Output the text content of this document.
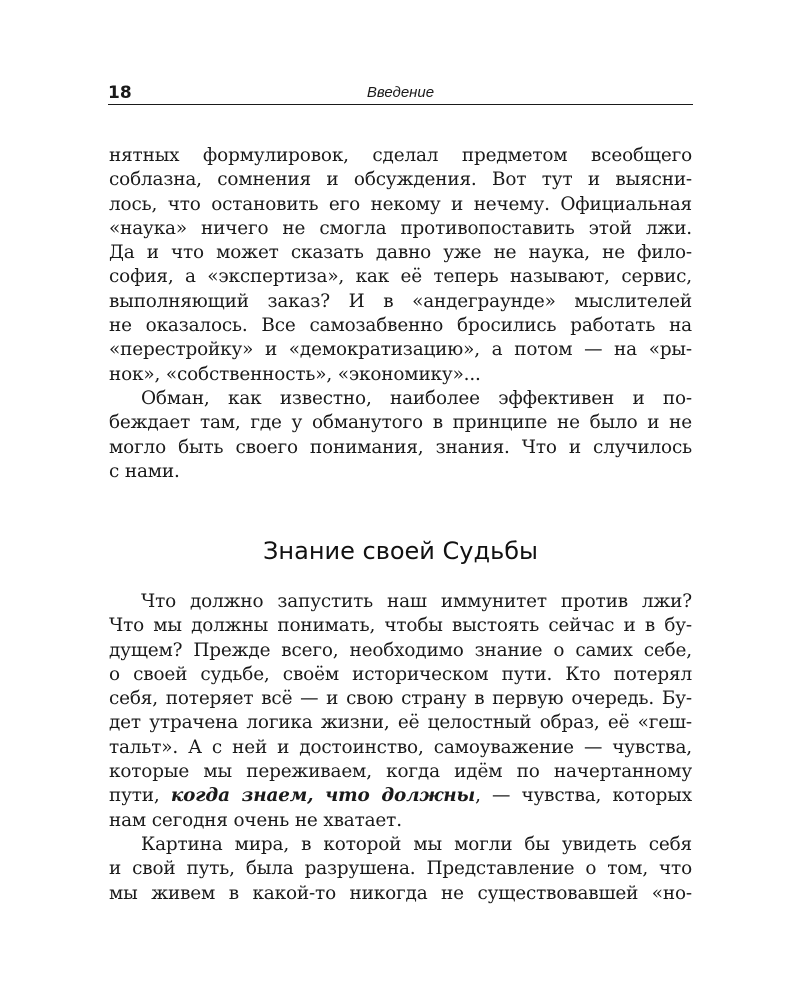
18	Введение
нятных формулировок, сделал предметом всеобщего
соблазна, сомнения и обсуждения. Вот тут и выясни-
лось, что остановить его некому и нечему. Официальная
«наука» ничего не смогла противопоставить этой лжи.
Да и что может сказать давно уже не наука, не фило-
софия, а «экспертиза», как её теперь называют, сервис,
выполняющий заказ? И в «андеграунде» мыслителей
не оказалось. Все самозабвенно бросились работать на
«перестройку» и «демократизацию», а потом — на «ры-
нок», «собственность», «экономику»...
Обман, как известно, наиболее эффективен и по-
беждает там, где у обманутого в принципе не было и не
могло быть своего понимания, знания. Что и случилось
с нами.
Знание своей Судьбы
Что должно запустить наш иммунитет против лжи?
Что мы должны понимать, чтобы выстоять сейчас и в бу-
дущем? Прежде всего, необходимо знание о самих себе,
о своей судьбе, своём историческом пути. Кто потерял
себя, потеряет всё — и свою страну в первую очередь. Бу-
дет утрачена логика жизни, её целостный образ, её «геш-
тальт». А с ней и достоинство, самоуважение — чувства,
которые мы переживаем, когда идём по начертанному
пути, когда знаем, что должны, — чувства, которых
нам сегодня очень не хватает.
Картина мира, в которой мы могли бы увидеть себя
и свой путь, была разрушена. Представление о том, что
мы живем в какой-то никогда не существовавшей «но-
